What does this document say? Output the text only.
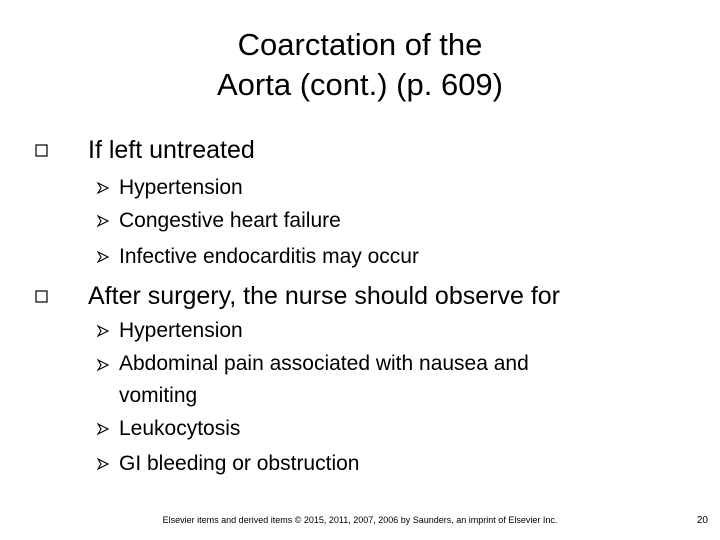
Coarctation of the
Aorta (cont.) (p. 609)
If left untreated
Hypertension
Congestive heart failure
Infective endocarditis may occur
After surgery, the nurse should observe for
Hypertension
Abdominal pain associated with nausea and vomiting
Leukocytosis
GI bleeding or obstruction
Elsevier items and derived items © 2015, 2011, 2007, 2006 by Saunders, an imprint of Elsevier Inc.	20
